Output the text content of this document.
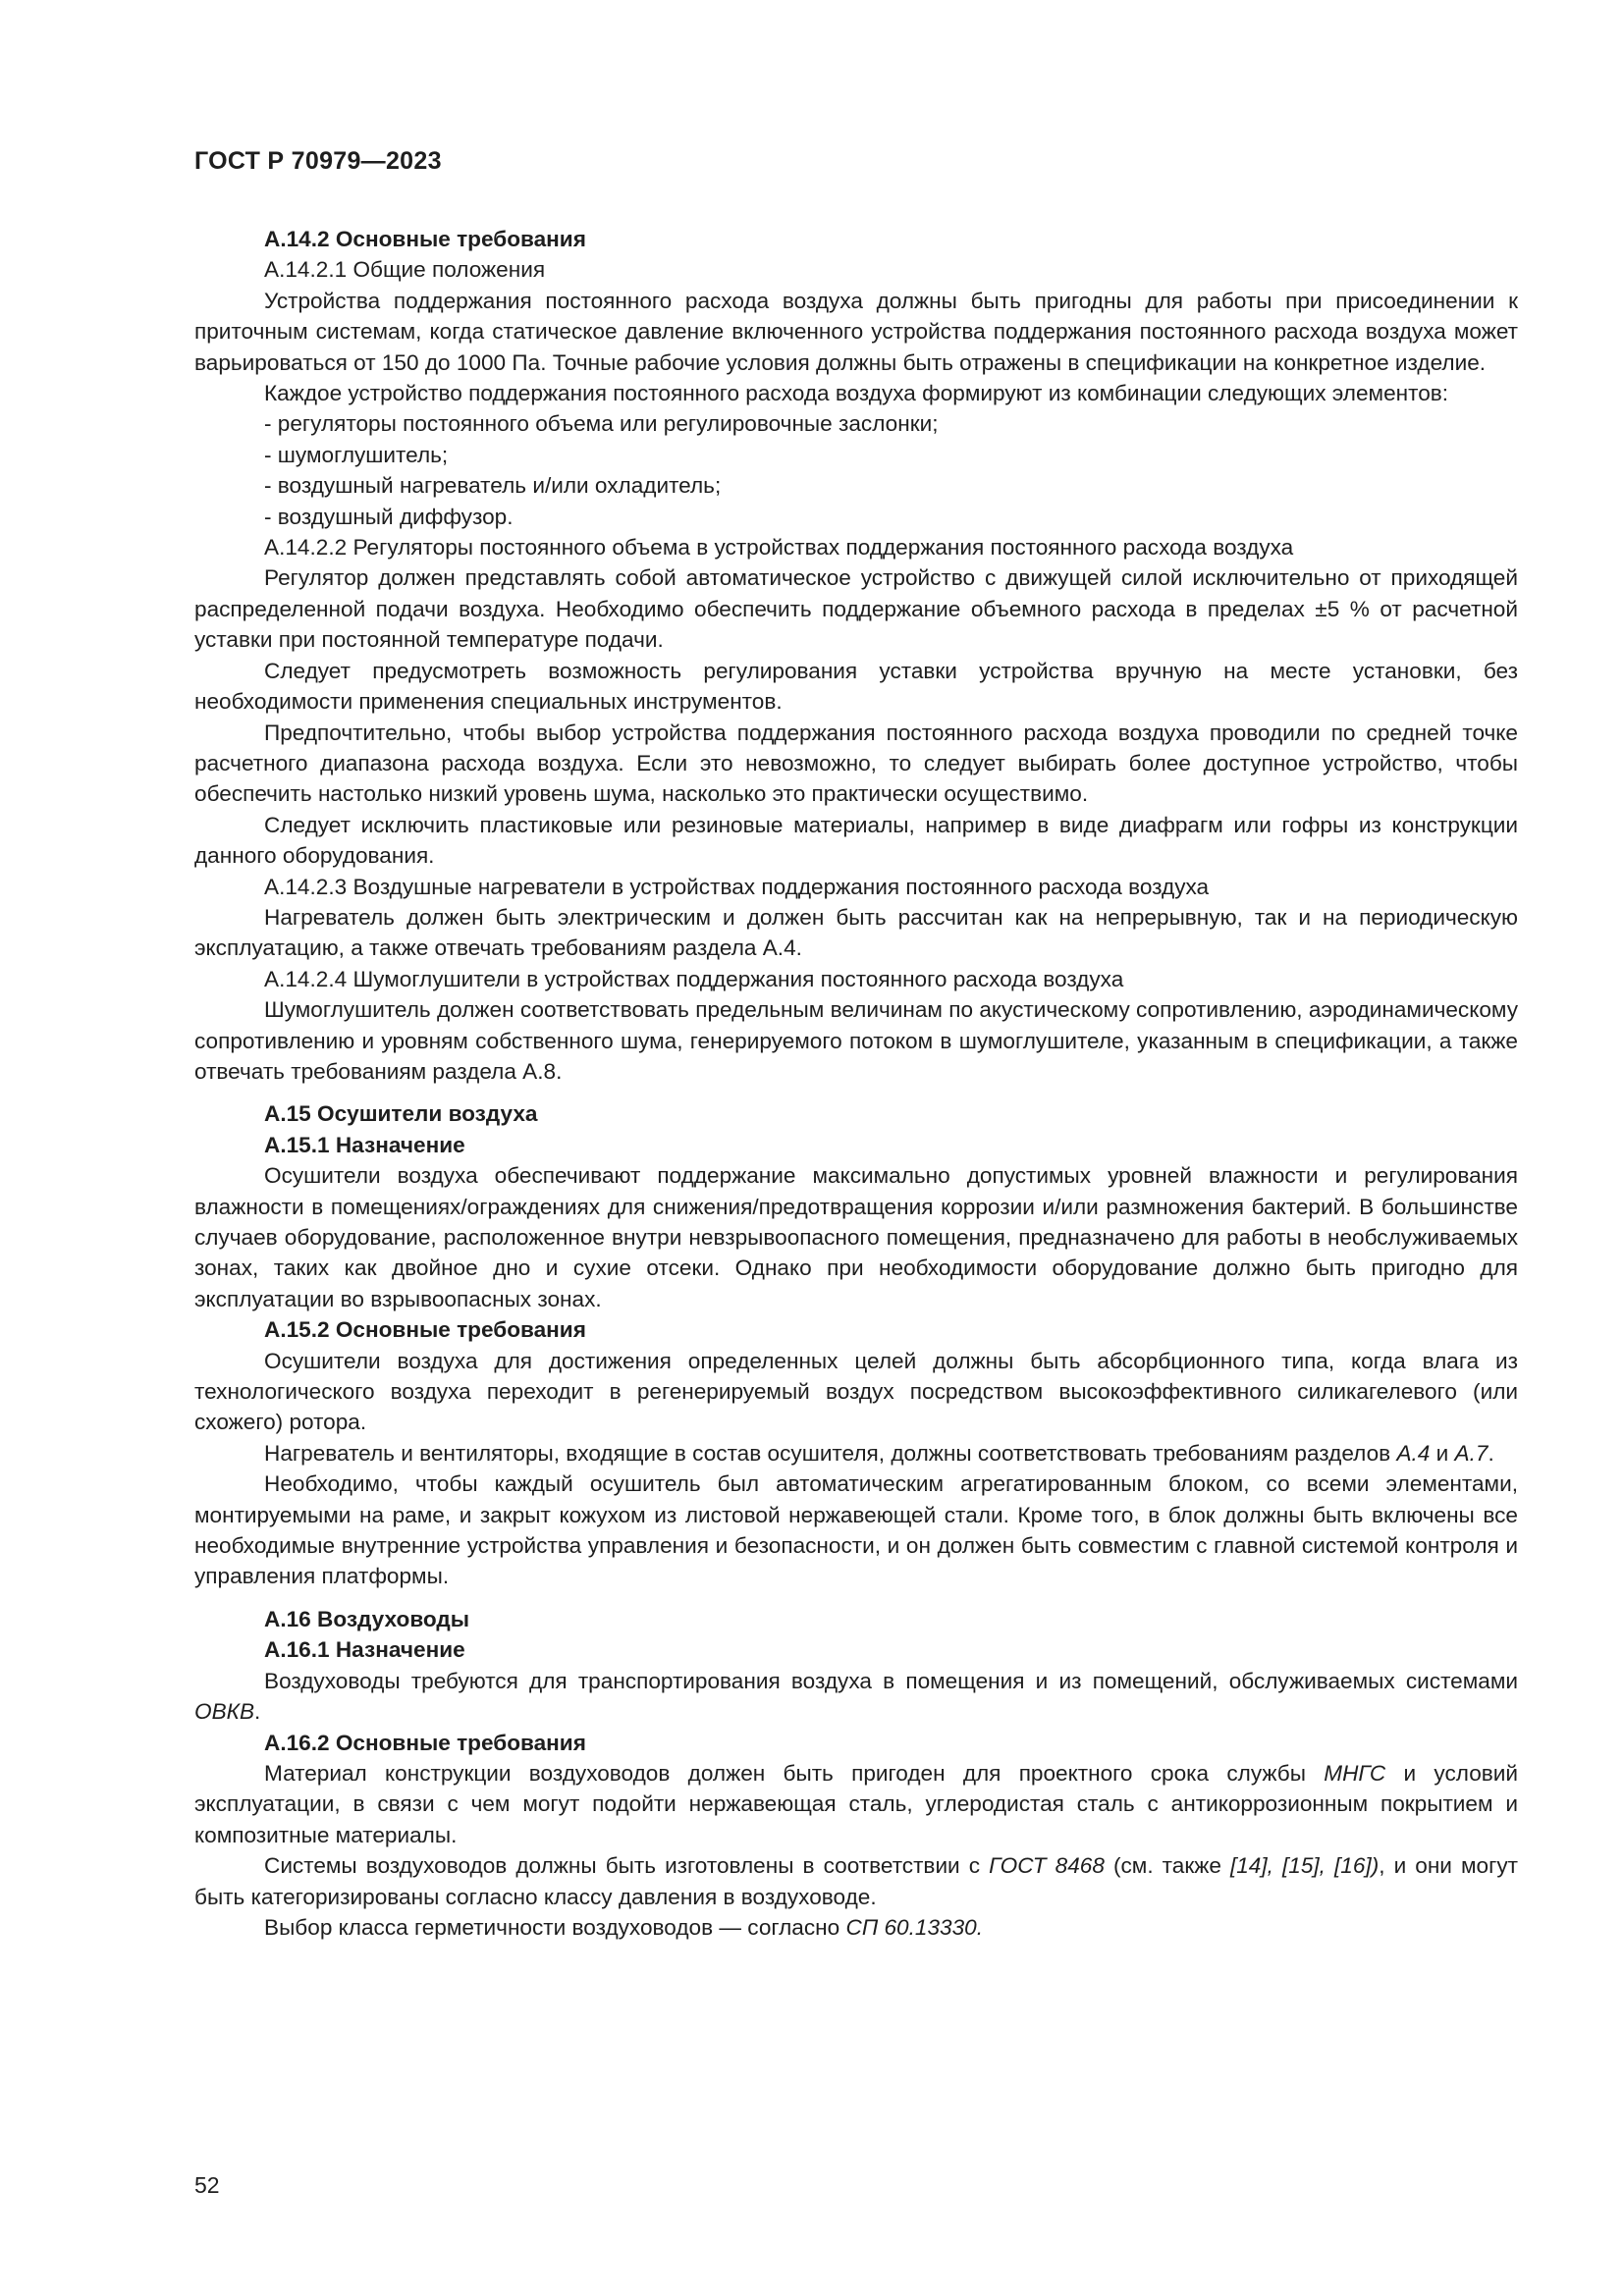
ГОСТ Р 70979—2023

А.14.2 Основные требования

А.14.2.1 Общие положения

Устройства поддержания постоянного расхода воздуха должны быть пригодны для работы при присоединении к приточным системам, когда статическое давление включенного устройства поддержания постоянного расхода воздуха может варьироваться от 150 до 1000 Па. Точные рабочие условия должны быть отражены в спецификации на конкретное изделие.

Каждое устройство поддержания постоянного расхода воздуха формируют из комбинации следующих элементов:

- регуляторы постоянного объема или регулировочные заслонки;

- шумоглушитель;

- воздушный нагреватель и/или охладитель;

- воздушный диффузор.

А.14.2.2 Регуляторы постоянного объема в устройствах поддержания постоянного расхода воздуха

Регулятор должен представлять собой автоматическое устройство с движущей силой исключительно от приходящей распределенной подачи воздуха. Необходимо обеспечить поддержание объемного расхода в пределах ±5 % от расчетной уставки при постоянной температуре подачи.

Следует предусмотреть возможность регулирования уставки устройства вручную на месте установки, без необходимости применения специальных инструментов.

Предпочтительно, чтобы выбор устройства поддержания постоянного расхода воздуха проводили по средней точке расчетного диапазона расхода воздуха. Если это невозможно, то следует выбирать более доступное устройство, чтобы обеспечить настолько низкий уровень шума, насколько это практически осуществимо.

Следует исключить пластиковые или резиновые материалы, например в виде диафрагм или гофры из конструкции данного оборудования.

А.14.2.3 Воздушные нагреватели в устройствах поддержания постоянного расхода воздуха

Нагреватель должен быть электрическим и должен быть рассчитан как на непрерывную, так и на периодическую эксплуатацию, а также отвечать требованиям раздела А.4.

А.14.2.4 Шумоглушители в устройствах поддержания постоянного расхода воздуха

Шумоглушитель должен соответствовать предельным величинам по акустическому сопротивлению, аэродинамическому сопротивлению и уровням собственного шума, генерируемого потоком в шумоглушителе, указанным в спецификации, а также отвечать требованиям раздела А.8.

А.15 Осушители воздуха

А.15.1 Назначение

Осушители воздуха обеспечивают поддержание максимально допустимых уровней влажности и регулирования влажности в помещениях/ограждениях для снижения/предотвращения коррозии и/или размножения бактерий. В большинстве случаев оборудование, расположенное внутри невзрывоопасного помещения, предназначено для работы в необслуживаемых зонах, таких как двойное дно и сухие отсеки. Однако при необходимости оборудование должно быть пригодно для эксплуатации во взрывоопасных зонах.

А.15.2 Основные требования

Осушители воздуха для достижения определенных целей должны быть абсорбционного типа, когда влага из технологического воздуха переходит в регенерируемый воздух посредством высокоэффективного силикагелевого (или схожего) ротора.

Нагреватель и вентиляторы, входящие в состав осушителя, должны соответствовать требованиям разделов А.4 и А.7.

Необходимо, чтобы каждый осушитель был автоматическим агрегатированным блоком, со всеми элементами, монтируемыми на раме, и закрыт кожухом из листовой нержавеющей стали. Кроме того, в блок должны быть включены все необходимые внутренние устройства управления и безопасности, и он должен быть совместим с главной системой контроля и управления платформы.

А.16 Воздуховоды

А.16.1 Назначение

Воздуховоды требуются для транспортирования воздуха в помещения и из помещений, обслуживаемых системами ОВКВ.

А.16.2 Основные требования

Материал конструкции воздуховодов должен быть пригоден для проектного срока службы МНГС и условий эксплуатации, в связи с чем могут подойти нержавеющая сталь, углеродистая сталь с антикоррозионным покрытием и композитные материалы.

Системы воздуховодов должны быть изготовлены в соответствии с ГОСТ 8468 (см. также [14], [15], [16]), и они могут быть категоризированы согласно классу давления в воздуховоде.

Выбор класса герметичности воздуховодов — согласно СП 60.13330.

52
